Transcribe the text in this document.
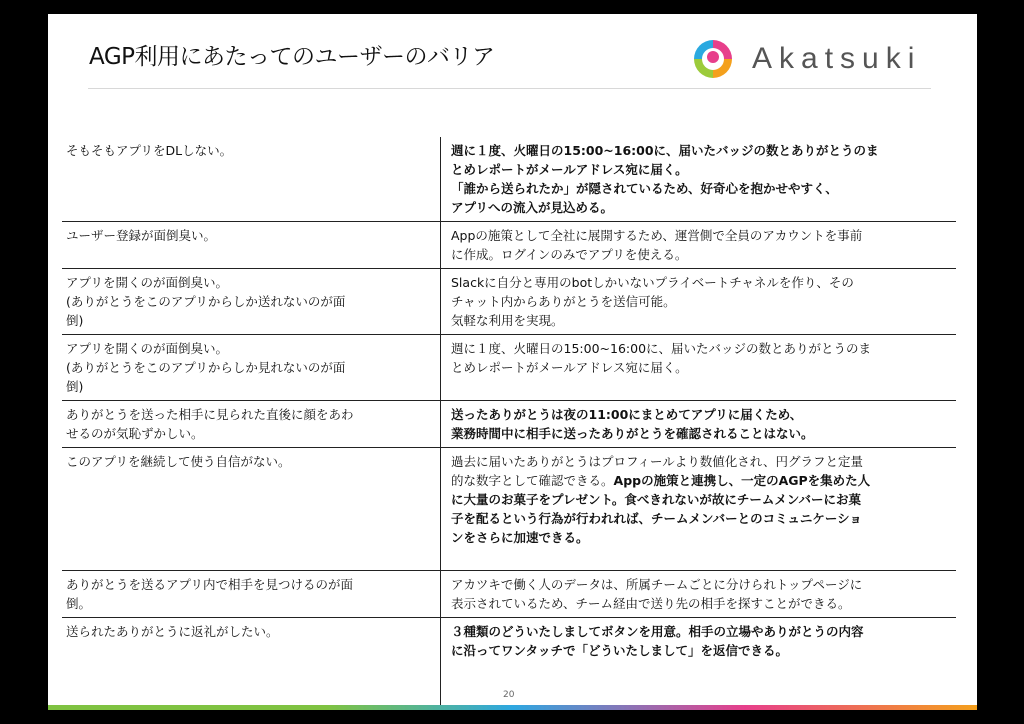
AGP利用にあたってのユーザーのバリア	Akatsuki
そもそもアプリをDLしない。	週に１度、火曜日の15:00~16:00に、届いたバッジの数とありがとうのま
とめレポートがメールアドレス宛に届く。
「誰から送られたか」が隠されているため、好奇心を抱かせやすく、
アプリへの流入が見込める。

ユーザー登録が面倒臭い。	Appの施策として全社に展開するため、運営側で全員のアカウントを事前
に作成。ログインのみでアプリを使える。

アプリを開くのが面倒臭い。
(ありがとうをこのアプリからしか送れないのが面
倒)	Slackに自分と専用のbotしかいないプライベートチャネルを作り、その
チャット内からありがとうを送信可能。
気軽な利用を実現。

アプリを開くのが面倒臭い。
(ありがとうをこのアプリからしか見れないのが面
倒)	週に１度、火曜日の15:00~16:00に、届いたバッジの数とありがとうのま
とめレポートがメールアドレス宛に届く。

ありがとうを送った相手に見られた直後に顔をあわ
せるのが気恥ずかしい。	送ったありがとうは夜の11:00にまとめてアプリに届くため、
業務時間中に相手に送ったありがとうを確認されることはない。

このアプリを継続して使う自信がない。	過去に届いたありがとうはプロフィールより数値化され、円グラフと定量
的な数字として確認できる。Appの施策と連携し、一定のAGPを集めた人
に大量のお菓子をプレゼント。食べきれないが故にチームメンバーにお菓
子を配るという行為が行われれば、チームメンバーとのコミュニケーショ
ンをさらに加速できる。

ありがとうを送るアプリ内で相手を見つけるのが面
倒。	アカツキで働く人のデータは、所属チームごとに分けられトップページに
表示されているため、チーム経由で送り先の相手を探すことができる。

送られたありがとうに返礼がしたい。	３種類のどういたしましてボタンを用意。相手の立場やありがとうの内容
に沿ってワンタッチで「どういたしまして」を返信できる。
20
